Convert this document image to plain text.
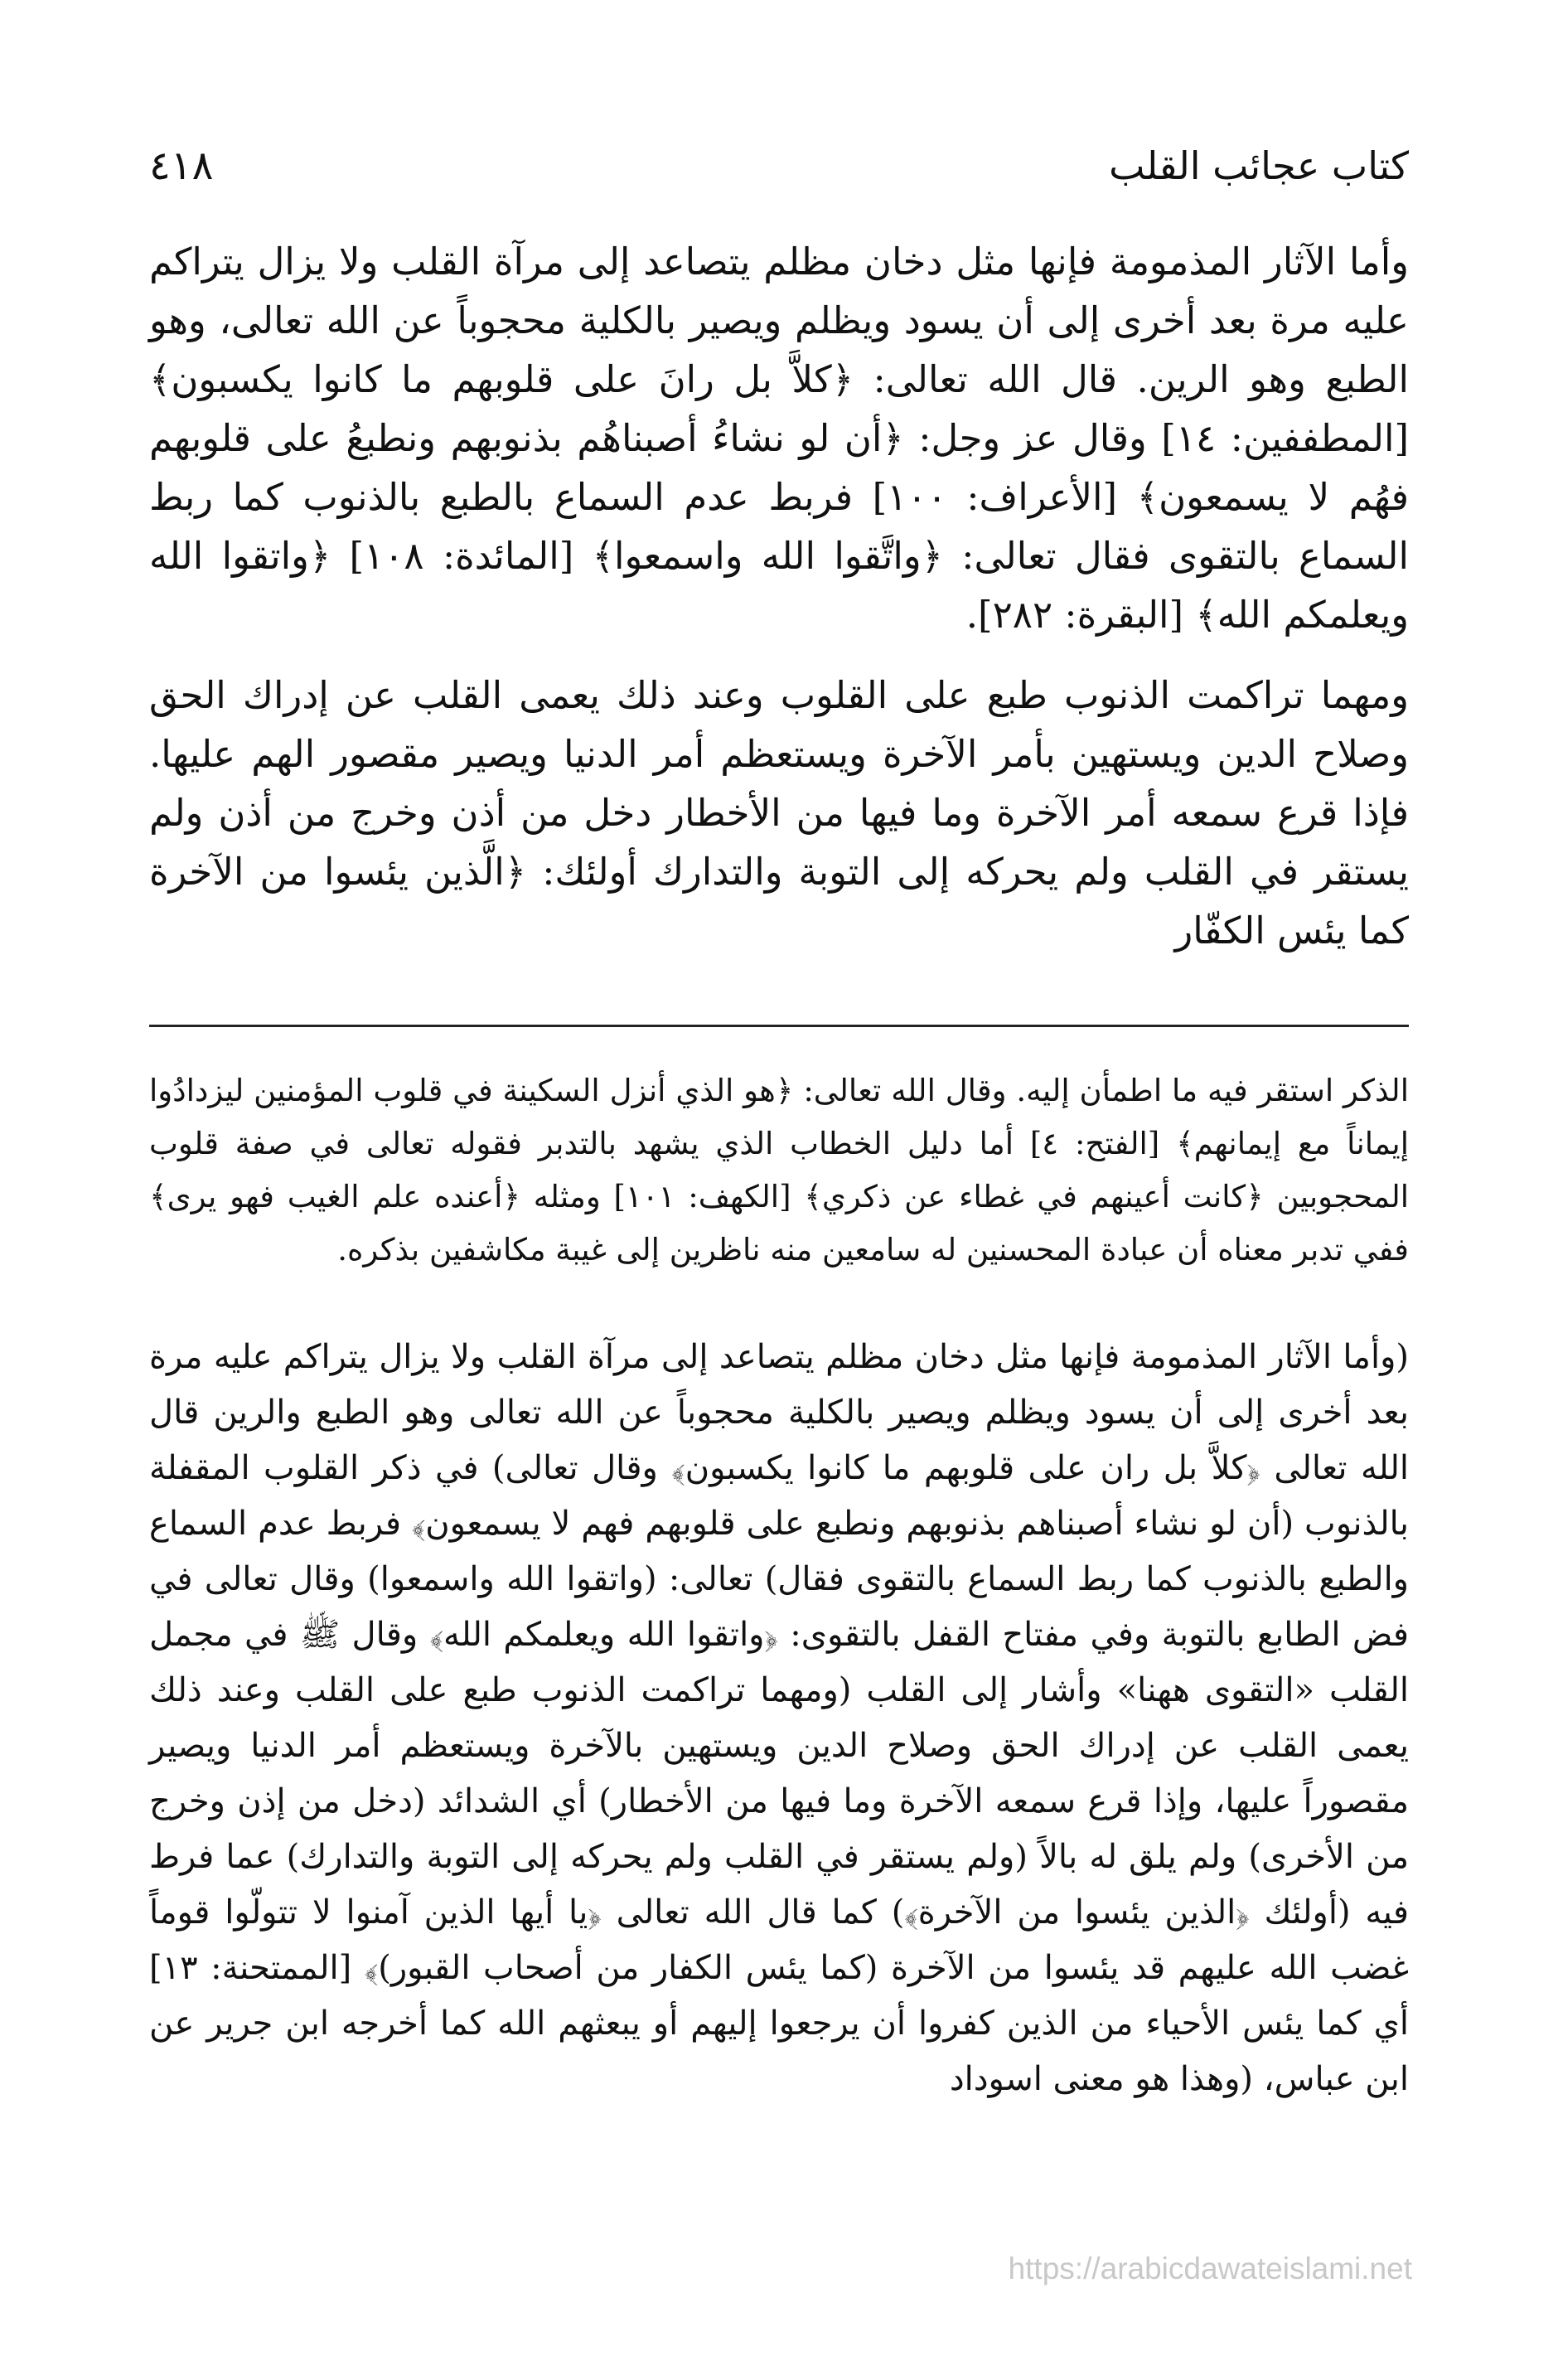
كتاب عجائب القلب
٤١٨

وأما الآثار المذمومة فإنها مثل دخان مظلم يتصاعد إلى مرآة القلب ولا يزال يتراكم عليه مرة بعد أخرى إلى أن يسود ويظلم ويصير بالكلية محجوباً عن الله تعالى، وهو الطبع وهو الرين. قال الله تعالى: ﴿كلاَّ بل رانَ على قلوبهم ما كانوا يكسبون﴾ [المطففين: ١٤] وقال عز وجل: ﴿أن لو نشاءُ أصبناهُم بذنوبهم ونطبعُ على قلوبهم فهُم لا يسمعون﴾ [الأعراف: ١٠٠] فربط عدم السماع بالطبع بالذنوب كما ربط السماع بالتقوى فقال تعالى: ﴿واتَّقوا الله واسمعوا﴾ [المائدة: ١٠٨] ﴿واتقوا الله ويعلمكم الله﴾ [البقرة: ٢٨٢].

ومهما تراكمت الذنوب طبع على القلوب وعند ذلك يعمى القلب عن إدراك الحق وصلاح الدين ويستهين بأمر الآخرة ويستعظم أمر الدنيا ويصير مقصور الهم عليها. فإذا قرع سمعه أمر الآخرة وما فيها من الأخطار دخل من أذن وخرج من أذن ولم يستقر في القلب ولم يحركه إلى التوبة والتدارك أولئك: ﴿الَّذين يئسوا من الآخرة كما يئس الكفّار

الذكر استقر فيه ما اطمأن إليه. وقال الله تعالى: ﴿هو الذي أنزل السكينة في قلوب المؤمنين ليزدادُوا إيماناً مع إيمانهم﴾ [الفتح: ٤] أما دليل الخطاب الذي يشهد بالتدبر فقوله تعالى في صفة قلوب المحجوبين ﴿كانت أعينهم في غطاء عن ذكري﴾ [الكهف: ١٠١] ومثله ﴿أعنده علم الغيب فهو يرى﴾ ففي تدبر معناه أن عبادة المحسنين له سامعين منه ناظرين إلى غيبة مكاشفين بذكره.

(وأما الآثار المذمومة فإنها مثل دخان مظلم يتصاعد إلى مرآة القلب ولا يزال يتراكم عليه مرة بعد أخرى إلى أن يسود ويظلم ويصير بالكلية محجوباً عن الله تعالى وهو الطبع والرين قال الله تعالى ﴿كلاَّ بل ران على قلوبهم ما كانوا يكسبون﴾ وقال تعالى) في ذكر القلوب المقفلة بالذنوب (أن لو نشاء أصبناهم بذنوبهم ونطبع على قلوبهم فهم لا يسمعون﴾ فربط عدم السماع والطبع بالذنوب كما ربط السماع بالتقوى فقال) تعالى: (واتقوا الله واسمعوا) وقال تعالى في فض الطابع بالتوبة وفي مفتاح القفل بالتقوى: ﴿واتقوا الله ويعلمكم الله﴾ وقال ﷺ في مجمل القلب «التقوى ههنا» وأشار إلى القلب (ومهما تراكمت الذنوب طبع على القلب وعند ذلك يعمى القلب عن إدراك الحق وصلاح الدين ويستهين بالآخرة ويستعظم أمر الدنيا ويصير مقصوراً عليها، وإذا قرع سمعه الآخرة وما فيها من الأخطار) أي الشدائد (دخل من إذن وخرج من الأخرى) ولم يلق له بالاً (ولم يستقر في القلب ولم يحركه إلى التوبة والتدارك) عما فرط فيه (أولئك ﴿الذين يئسوا من الآخرة﴾) كما قال الله تعالى ﴿يا أيها الذين آمنوا لا تتولّوا قوماً غضب الله عليهم قد يئسوا من الآخرة (كما يئس الكفار من أصحاب القبور)﴾ [الممتحنة: ١٣] أي كما يئس الأحياء من الذين كفروا أن يرجعوا إليهم أو يبعثهم الله كما أخرجه ابن جرير عن ابن عباس، (وهذا هو معنى اسوداد

https://arabicdawateislami.net
